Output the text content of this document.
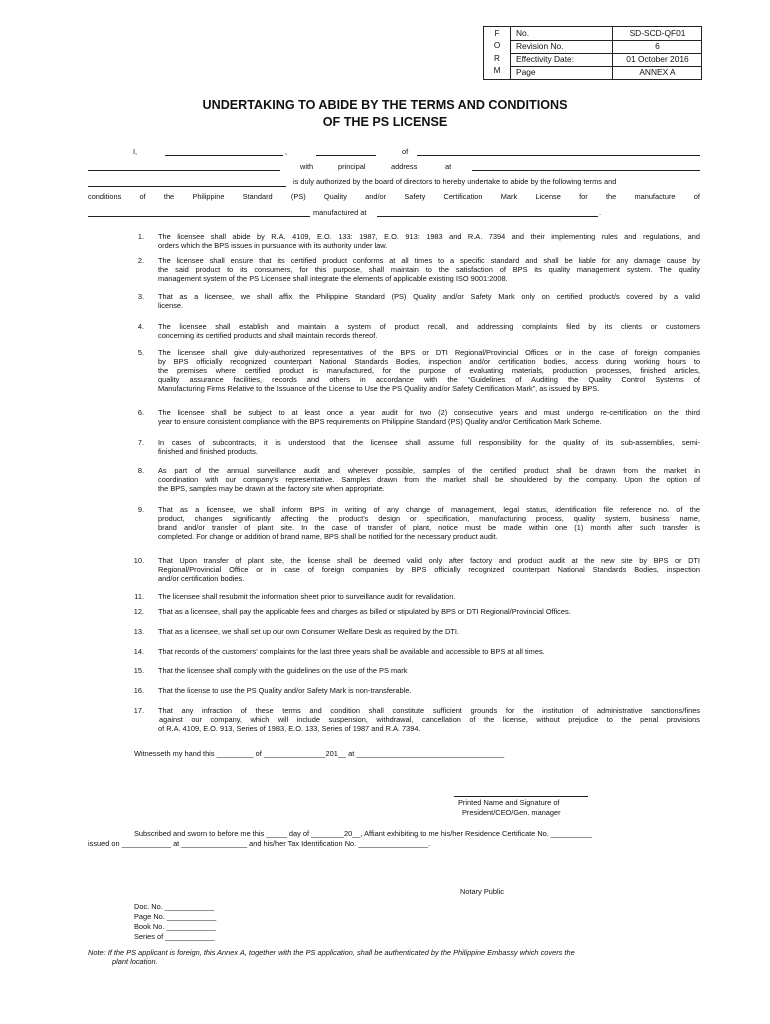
F
O
R
M
No.	SD-SCD-QF01
Revision No.	6
Effectivity Date:	01 October 2016
Page	ANNEX A
UNDERTAKING TO ABIDE BY THE TERMS AND CONDITIONS
OF THE PS LICENSE
I,	,	of
with	principal	address	at
is duly authorized by the board of directors to hereby undertake to abide by the following terms and
conditions of the Philippine Standard (PS) Quality and/or Safety Certification Mark License for the manufacture of
manufactured at	.
1. The licensee shall abide by R.A. 4109, E.O. 133: 1987, E.O. 913: 1983 and R.A. 7394 and their implementing rules and regulations, and
orders which the BPS issues in pursuance with its authority under law.
2. The licensee shall ensure that its certified product conforms at all times to a specific standard and shall be liable for any damage cause by
the said product to its consumers, for this purpose, shall maintain to the satisfaction of BPS its quality management system. The quality
management system of the PS Licensee shall integrate the elements of applicable existing ISO 9001:2008.
3. That as a licensee, we shall affix the Philippine Standard (PS) Quality and/or Safety Mark only on certified product/s covered by a valid
license.
4. The licensee shall establish and maintain a system of product recall, and addressing complaints filed by its clients or customers
concerning its certified products and shall maintain records thereof.
5. The licensee shall give duly-authorized representatives of the BPS or DTI Regional/Provincial Offices or in the case of foreign companies
by BPS officially recognized counterpart National Standards Bodies, inspection and/or certification bodies, access during working hours to
the premises where certified product is manufactured, for the purpose of evaluating materials, production processes, finished articles,
quality assurance facilities, records and others in accordance with the “Guidelines of Auditing the Quality Control Systems of
Manufacturing Firms Relative to the Issuance of the License to Use the PS Quality and/or Safety Certification Mark”, as issued by BPS.
6. The licensee shall be subject to at least once a year audit for two (2) consecutive years and must undergo re-certification on the third
year to ensure consistent compliance with the BPS requirements on Philippine Standard (PS) Quality and/or Certification Mark Scheme.
7. In cases of subcontracts, it is understood that the licensee shall assume full responsibility for the quality of its sub-assemblies, semi-
finished and finished products.
8. As part of the annual surveillance audit and wherever possible, samples of the certified product shall be drawn from the market in
coordination with our company’s representative. Samples drawn from the market shall be shouldered by the company. Upon the option of
the BPS, samples may be drawn at the factory site when appropriate.
9. That as a licensee, we shall inform BPS in writing of any change of management, legal status, identification file reference no. of the
product, changes significantly affecting the product’s design or specification, manufacturing process, quality system, business name,
brand and/or transfer of plant site. In the case of transfer of plant, notice must be made within one (1) month after such transfer is
completed. For change or addition of brand name, BPS shall be notified for the necessary product audit.
10. That Upon transfer of plant site, the license shall be deemed valid only after factory and product audit at the new site by BPS or DTI
Regional/Provincial Office or in case of foreign companies by BPS officially recognized counterpart National Standards Bodies, inspection
and/or certification bodies.
11. The licensee shall resubmit the information sheet prior to surveillance audit for revalidation.
12. That as a licensee, shall pay the applicable fees and charges as billed or stipulated by BPS or DTI Regional/Provincial Offices.
13. That as a licensee, we shall set up our own Consumer Welfare Desk as required by the DTI.
14. That records of the customers’ complaints for the last three years shall be available and accessible to BPS at all times.
15. That the licensee shall comply with the guidelines on the use of the PS mark
16. That the license to use the PS Quality and/or Safety Mark is non-transferable.
17. That any infraction of these terms and condition shall constitute sufficient grounds for the institution of administrative sanctions/fines
against our company, which will include suspension, withdrawal, cancellation of the license, without prejudice to the penal provisions
of R.A. 4109, E.O. 913, Series of 1983, E.O. 133, Series of 1987 and R.A. 7394.
Witnesseth my hand this _________ of _______________201__ at ____________________________________
Printed Name and Signature of
President/CEO/Gen. manager
Subscribed and sworn to before me this _____ day of ________20__, Affiant exhibiting to me his/her Residence Certificate No. __________
issued on ____________ at ________________ and his/her Tax Identification No. _________________.
Notary Public
Doc. No. ____________
Page No. ____________
Book No. ____________
Series of ____________
Note: If the PS applicant is foreign, this Annex A, together with the PS application, shall be authenticated by the Philippine Embassy which covers the
plant location.
